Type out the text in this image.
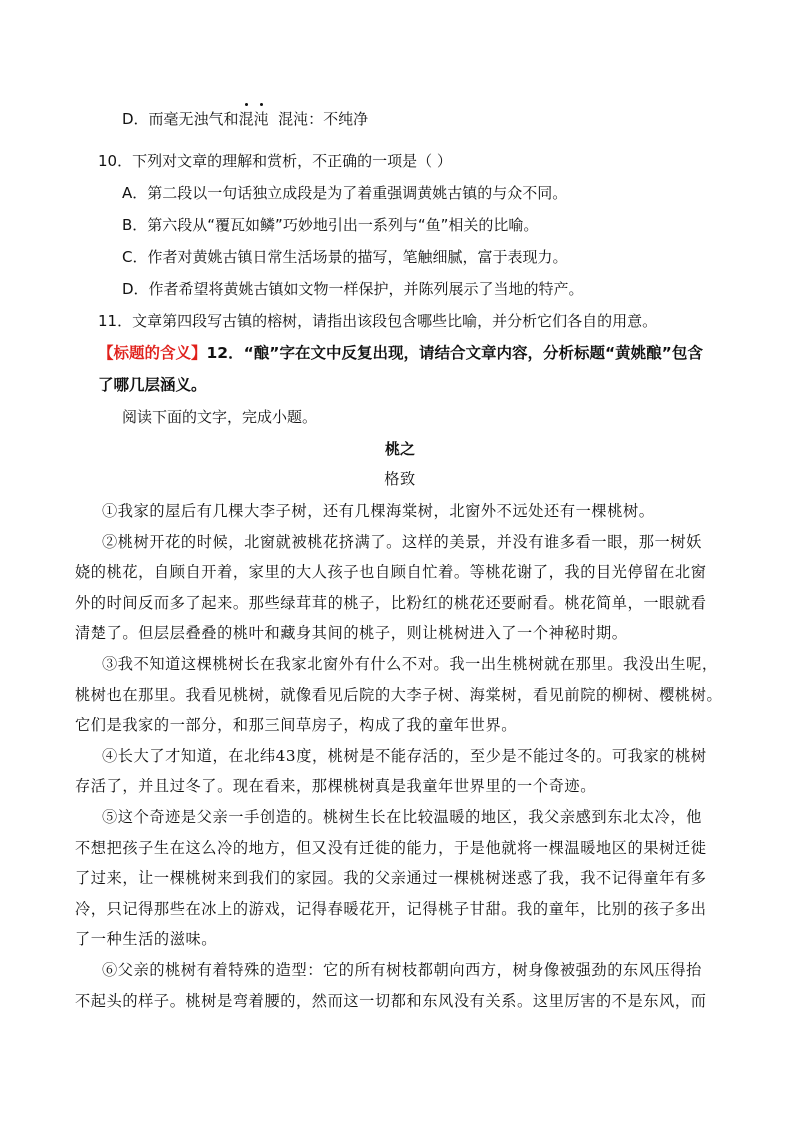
D．而毫无浊气和混沌  混沌：不纯净
10．下列对文章的理解和赏析，不正确的一项是（ ）
A．第二段以一句话独立成段是为了着重强调黄姚古镇的与众不同。
B．第六段从“覆瓦如鳞”巧妙地引出一系列与“鱼”相关的比喻。
C．作者对黄姚古镇日常生活场景的描写，笔触细腻，富于表现力。
D．作者希望将黄姚古镇如文物一样保护，并陈列展示了当地的特产。
11．文章第四段写古镇的榕树，请指出该段包含哪些比喻，并分析它们各自的用意。
【标题的含义】12．“酿”字在文中反复出现，请结合文章内容，分析标题“黄姚酿”包含
了哪几层涵义。
阅读下面的文字，完成小题。
桃之
格致
①我家的屋后有几棵大李子树，还有几棵海棠树，北窗外不远处还有一棵桃树。
②桃树开花的时候，北窗就被桃花挤满了。这样的美景，并没有谁多看一眼，那一树妖
娆的桃花，自顾自开着，家里的大人孩子也自顾自忙着。等桃花谢了，我的目光停留在北窗
外的时间反而多了起来。那些绿茸茸的桃子，比粉红的桃花还要耐看。桃花简单，一眼就看
清楚了。但层层叠叠的桃叶和藏身其间的桃子，则让桃树进入了一个神秘时期。
③我不知道这棵桃树长在我家北窗外有什么不对。我一出生桃树就在那里。我没出生呢，
桃树也在那里。我看见桃树，就像看见后院的大李子树、海棠树，看见前院的柳树、樱桃树。
它们是我家的一部分，和那三间草房子，构成了我的童年世界。
④长大了才知道，在北纬43度，桃树是不能存活的，至少是不能过冬的。可我家的桃树
存活了，并且过冬了。现在看来，那棵桃树真是我童年世界里的一个奇迹。
⑤这个奇迹是父亲一手创造的。桃树生长在比较温暖的地区，我父亲感到东北太冷，他
不想把孩子生在这么冷的地方，但又没有迁徙的能力，于是他就将一棵温暖地区的果树迁徙
了过来，让一棵桃树来到我们的家园。我的父亲通过一棵桃树迷惑了我，我不记得童年有多
冷，只记得那些在冰上的游戏，记得春暖花开，记得桃子甘甜。我的童年，比别的孩子多出
了一种生活的滋味。
⑥父亲的桃树有着特殊的造型：它的所有树枝都朝向西方，树身像被强劲的东风压得抬
不起头的样子。桃树是弯着腰的，然而这一切都和东风没有关系。这里厉害的不是东风，而
